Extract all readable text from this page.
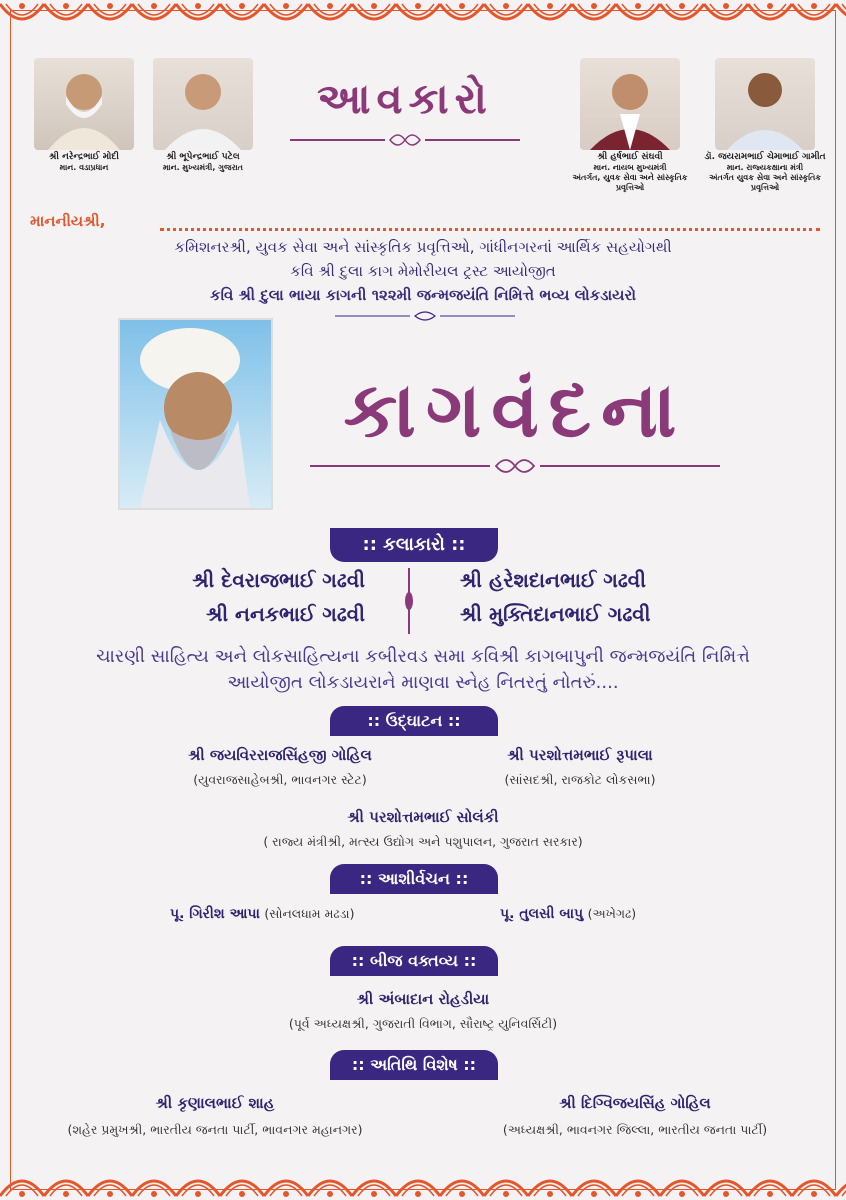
શ્રી નરેન્દ્રભાઈ મોદી
માન. વડાપ્રધાન
શ્રી ભૂપેન્દ્રભાઈ પટેલ
માન. મુખ્યમંત્રી, ગુજરાત
શ્રી હર્ષભાઈ સંઘવી
માન. નાયબ મુખ્યમંત્રી
અંતર્ગત, યુવક સેવા અને સાંસ્કૃતિક પ્રવૃત્તિઓ
ડૉ. જયરામભાઈ ચેમાભાઈ ગામીત
માન. રાજ્યકક્ષાના મંત્રી
અંતર્ગત યુવક સેવા અને સાંસ્કૃતિક પ્રવૃત્તિઓ
આવકારો
માનનીયશ્રી,
કમિશનરશ્રી, યુવક સેવા અને સાંસ્કૃતિક પ્રવૃત્તિઓ, ગાંધીનગરનાં આર્થિક સહયોગથી
કવિ શ્રી દુલા કાગ મેમોરીયલ ટ્રસ્ટ આયોજીત
કવિ શ્રી દુલા ભાયા કાગની ૧૨૨મી જન્મજયંતિ નિમિત્તે ભવ્ય લોકડાયરો
કાગવંદના
:: કલાકારો ::
શ્રી દેવરાજભાઈ ગઢવી	શ્રી હરેશદાનભાઈ ગઢવી
શ્રી નનકભાઈ ગઢવી	શ્રી મુક્તિદાનભાઈ ગઢવી
ચારણી સાહિત્ય અને લોકસાહિત્યના કબીરવડ સમા કવિશ્રી કાગબાપુની જન્મજયંતિ નિમિત્તે
આયોજીત લોકડાયરાને માણવા સ્નેહ નિતરતું નોતરું....
:: ઉદ્ઘાટન ::
શ્રી જયવિરરાજસિંહજી ગોહિલ
(યુવરાજસાહેબશ્રી, ભાવનગર સ્ટેટ)
શ્રી પરશોત્તમભાઈ રૂપાલા
(સાંસદશ્રી, રાજકોટ લોકસભા)
શ્રી પરશોત્તમભાઈ સોલંકી
( રાજ્ય મંત્રીશ્રી, મત્સ્ય ઉદ્યોગ અને પશુપાલન, ગુજરાત સરકાર)
:: આશીર્વચન ::
પૂ. ગિરીશ આપા (સોનલધામ મઢડા)	પૂ. તુલસી બાપુ (અખેગઢ)
:: બીજ વક્તવ્ય ::
શ્રી અંબાદાન રોહડીયા
(પૂર્વ અધ્યક્ષશ્રી, ગુજરાતી વિભાગ, સૌરાષ્ટ્ર યુનિવર્સિટી)
:: અતિથિ વિશેષ ::
શ્રી કૃણાલભાઈ શાહ
(શહેર પ્રમુખશ્રી, ભારતીય જનતા પાર્ટી, ભાવનગર મહાનગર)
શ્રી દિગ્વિજયસિંહ ગોહિલ
(અધ્યક્ષશ્રી, ભાવનગર જિલ્લા, ભારતીય જનતા પાર્ટી)
